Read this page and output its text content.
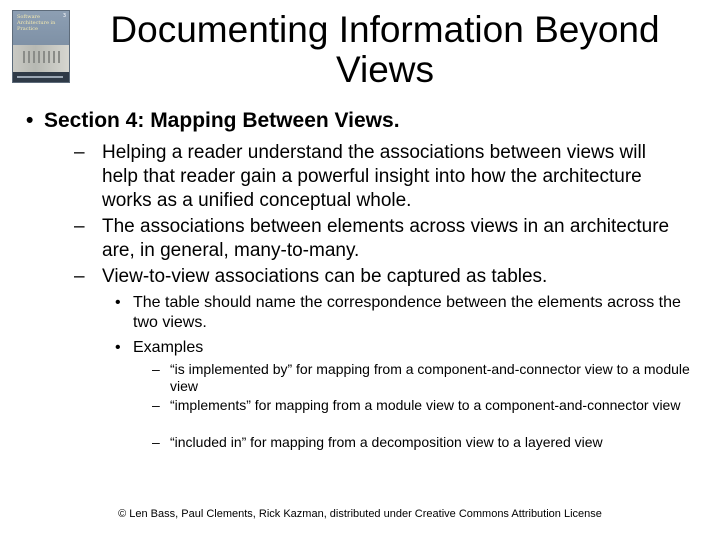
Software Architecture in Practice
3	Documenting Information Beyond Views

• Section 4: Mapping Between Views.

– Helping a reader understand the associations between views will help that reader gain a powerful insight into how the architecture works as a unified conceptual whole.

– The associations between elements across views in an architecture are, in general, many-to-many.

– View-to-view associations can be captured as tables.

• The table should name the correspondence between the elements across the two views.

• Examples

– “is implemented by” for mapping from a component-and-connector view to a module view

– “implements” for mapping from a module view to a component-and-connector view

– “included in” for mapping from a decomposition view to a layered view

© Len Bass, Paul Clements, Rick Kazman, distributed under Creative Commons Attribution License
